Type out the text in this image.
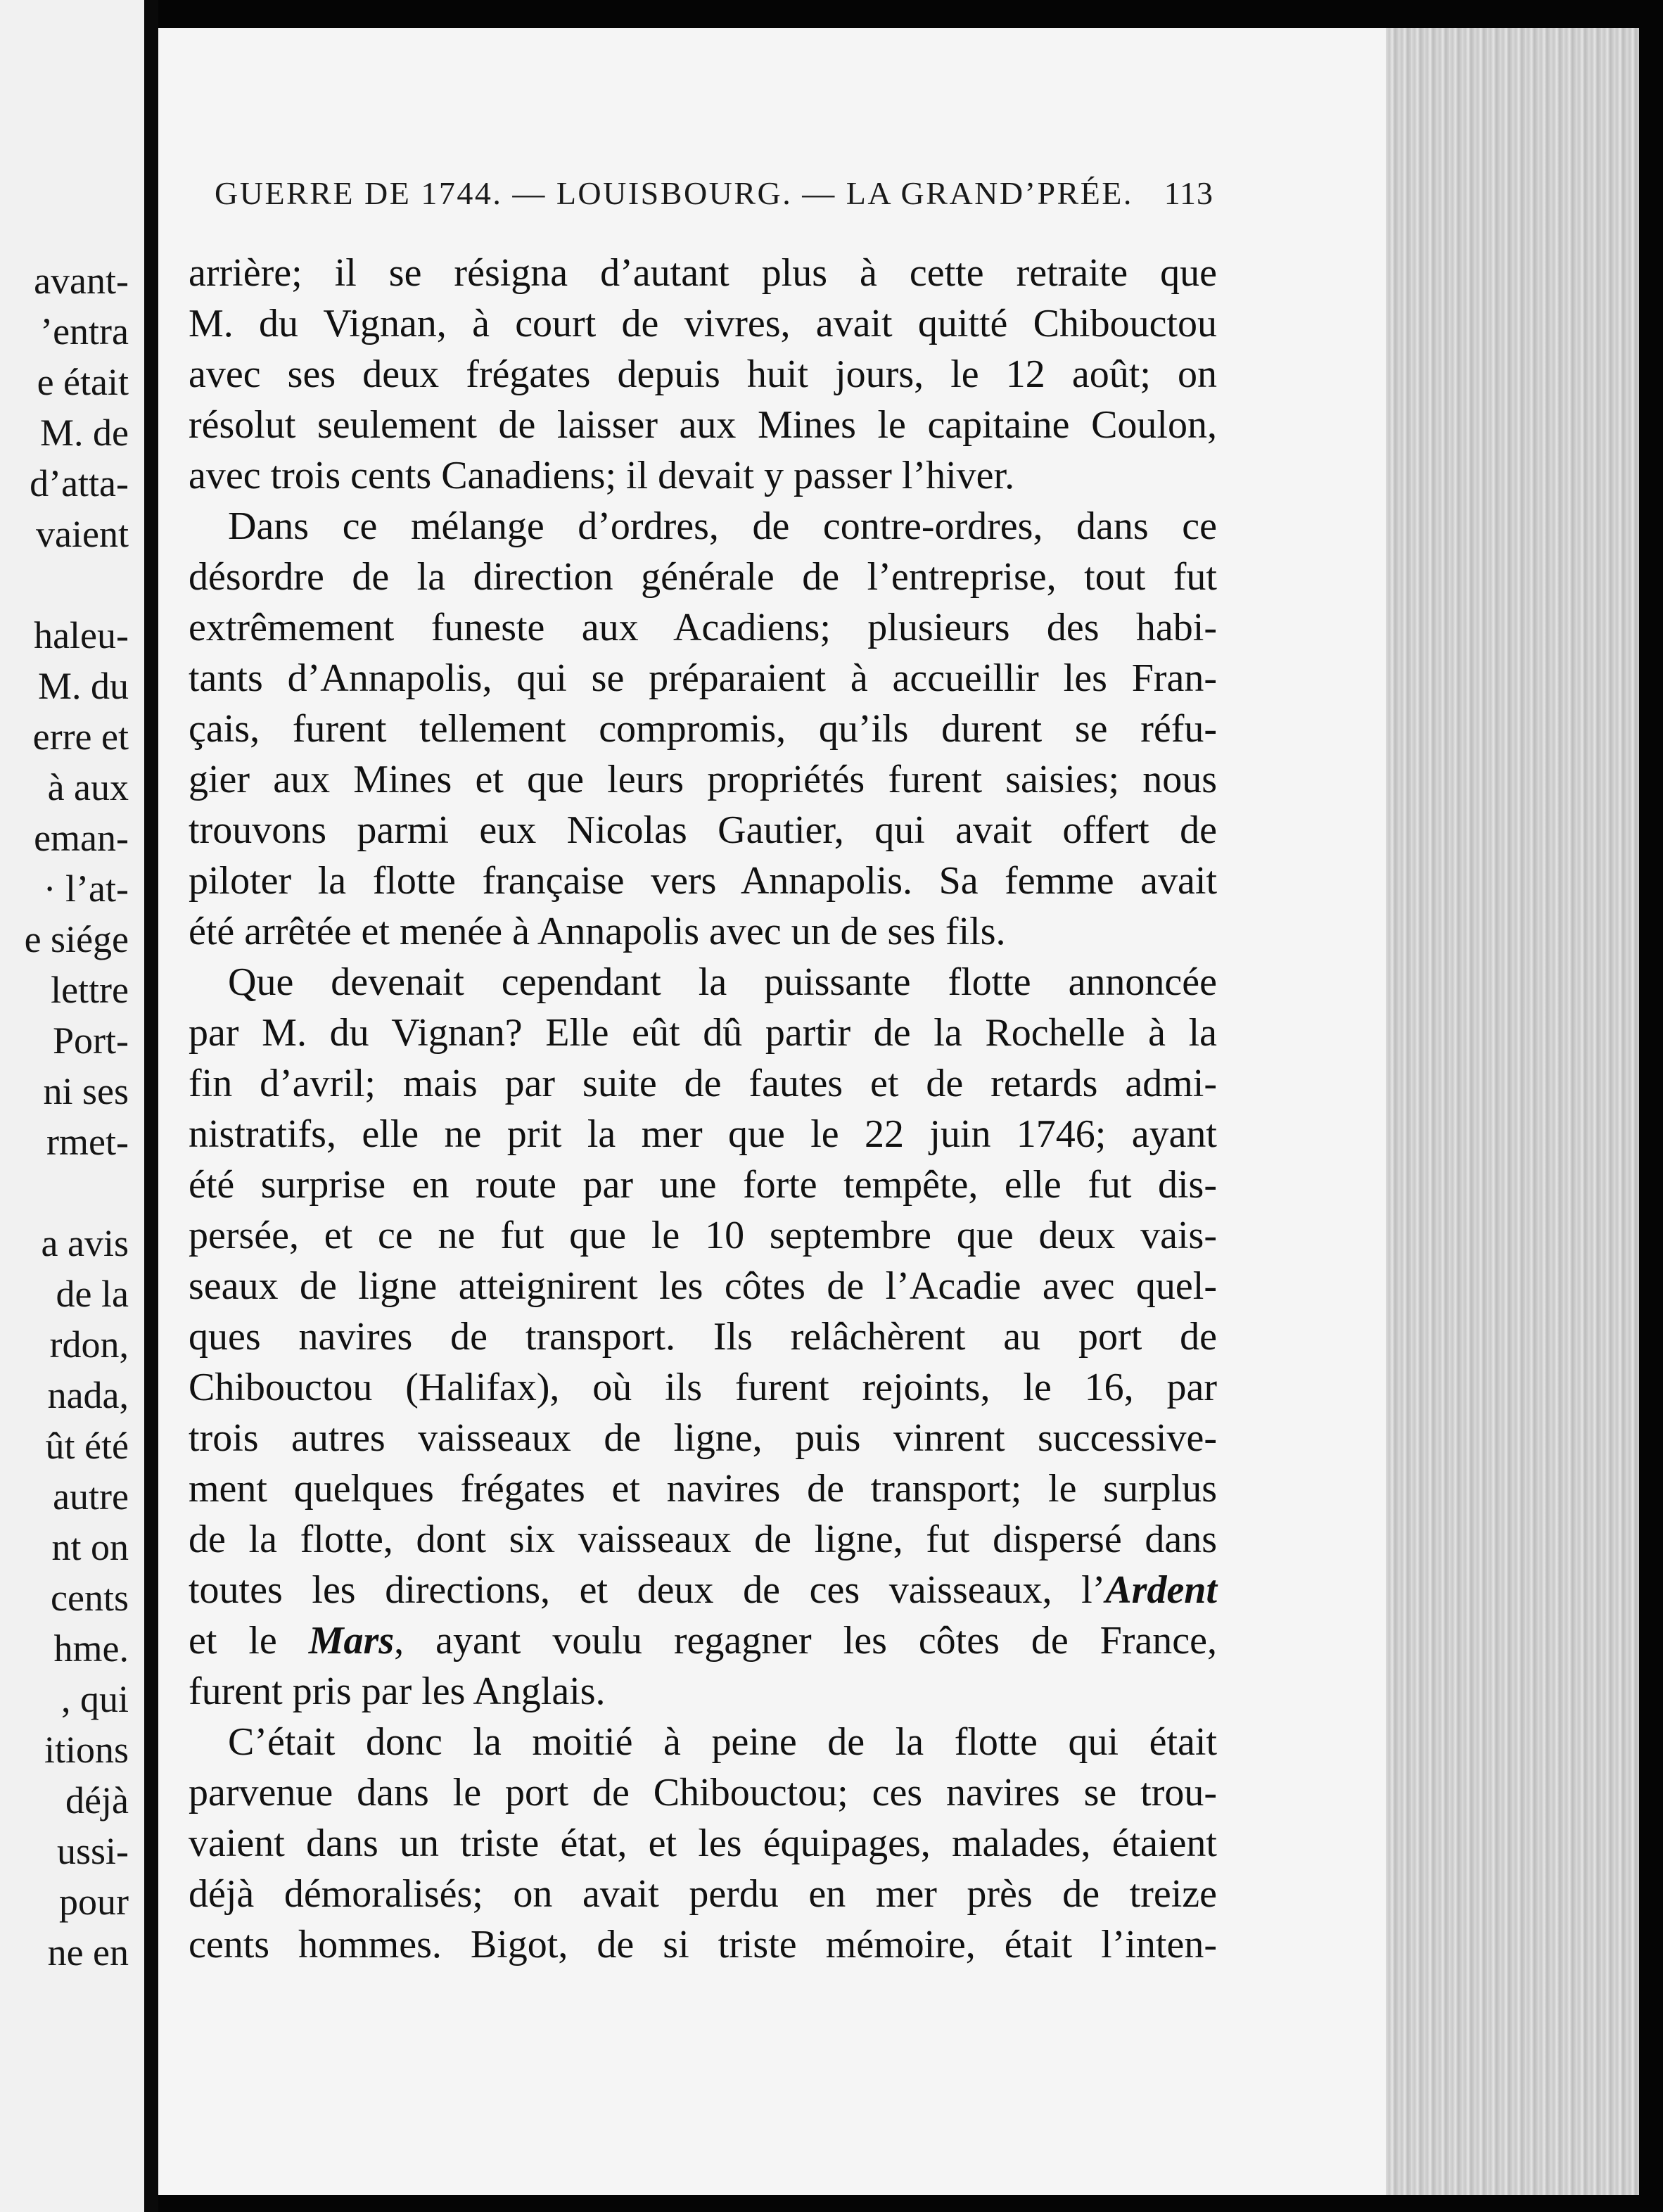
avant-
’entra
e était
M. de
d’atta-
vaient
haleu-
M. du
erre et
à aux
eman-
· l’at-
e siége
lettre
Port-
ni ses
rmet-
a avis
de la
rdon,
nada,
ût été
autre
nt on
cents
hme.
, qui
itions
déjà
ussi-
pour
ne en
GUERRE DE 1744. — LOUISBOURG. — LA GRAND’PRÉE. 113
arrière; il se résigna d’autant plus à cette retraite que
M. du Vignan, à court de vivres, avait quitté Chibouctou
avec ses deux frégates depuis huit jours, le 12 août; on
résolut seulement de laisser aux Mines le capitaine Coulon,
avec trois cents Canadiens; il devait y passer l’hiver.
Dans ce mélange d’ordres, de contre-ordres, dans ce
désordre de la direction générale de l’entreprise, tout fut
extrêmement funeste aux Acadiens; plusieurs des habi-
tants d’Annapolis, qui se préparaient à accueillir les Fran-
çais, furent tellement compromis, qu’ils durent se réfu-
gier aux Mines et que leurs propriétés furent saisies; nous
trouvons parmi eux Nicolas Gautier, qui avait offert de
piloter la flotte française vers Annapolis. Sa femme avait
été arrêtée et menée à Annapolis avec un de ses fils.
Que devenait cependant la puissante flotte annoncée
par M. du Vignan? Elle eût dû partir de la Rochelle à la
fin d’avril; mais par suite de fautes et de retards admi-
nistratifs, elle ne prit la mer que le 22 juin 1746; ayant
été surprise en route par une forte tempête, elle fut dis-
persée, et ce ne fut que le 10 septembre que deux vais-
seaux de ligne atteignirent les côtes de l’Acadie avec quel-
ques navires de transport. Ils relâchèrent au port de
Chibouctou (Halifax), où ils furent rejoints, le 16, par
trois autres vaisseaux de ligne, puis vinrent successive-
ment quelques frégates et navires de transport; le surplus
de la flotte, dont six vaisseaux de ligne, fut dispersé dans
toutes les directions, et deux de ces vaisseaux, l’Ardent
et le Mars, ayant voulu regagner les côtes de France,
furent pris par les Anglais.
C’était donc la moitié à peine de la flotte qui était
parvenue dans le port de Chibouctou; ces navires se trou-
vaient dans un triste état, et les équipages, malades, étaient
déjà démoralisés; on avait perdu en mer près de treize
cents hommes. Bigot, de si triste mémoire, était l’inten-
